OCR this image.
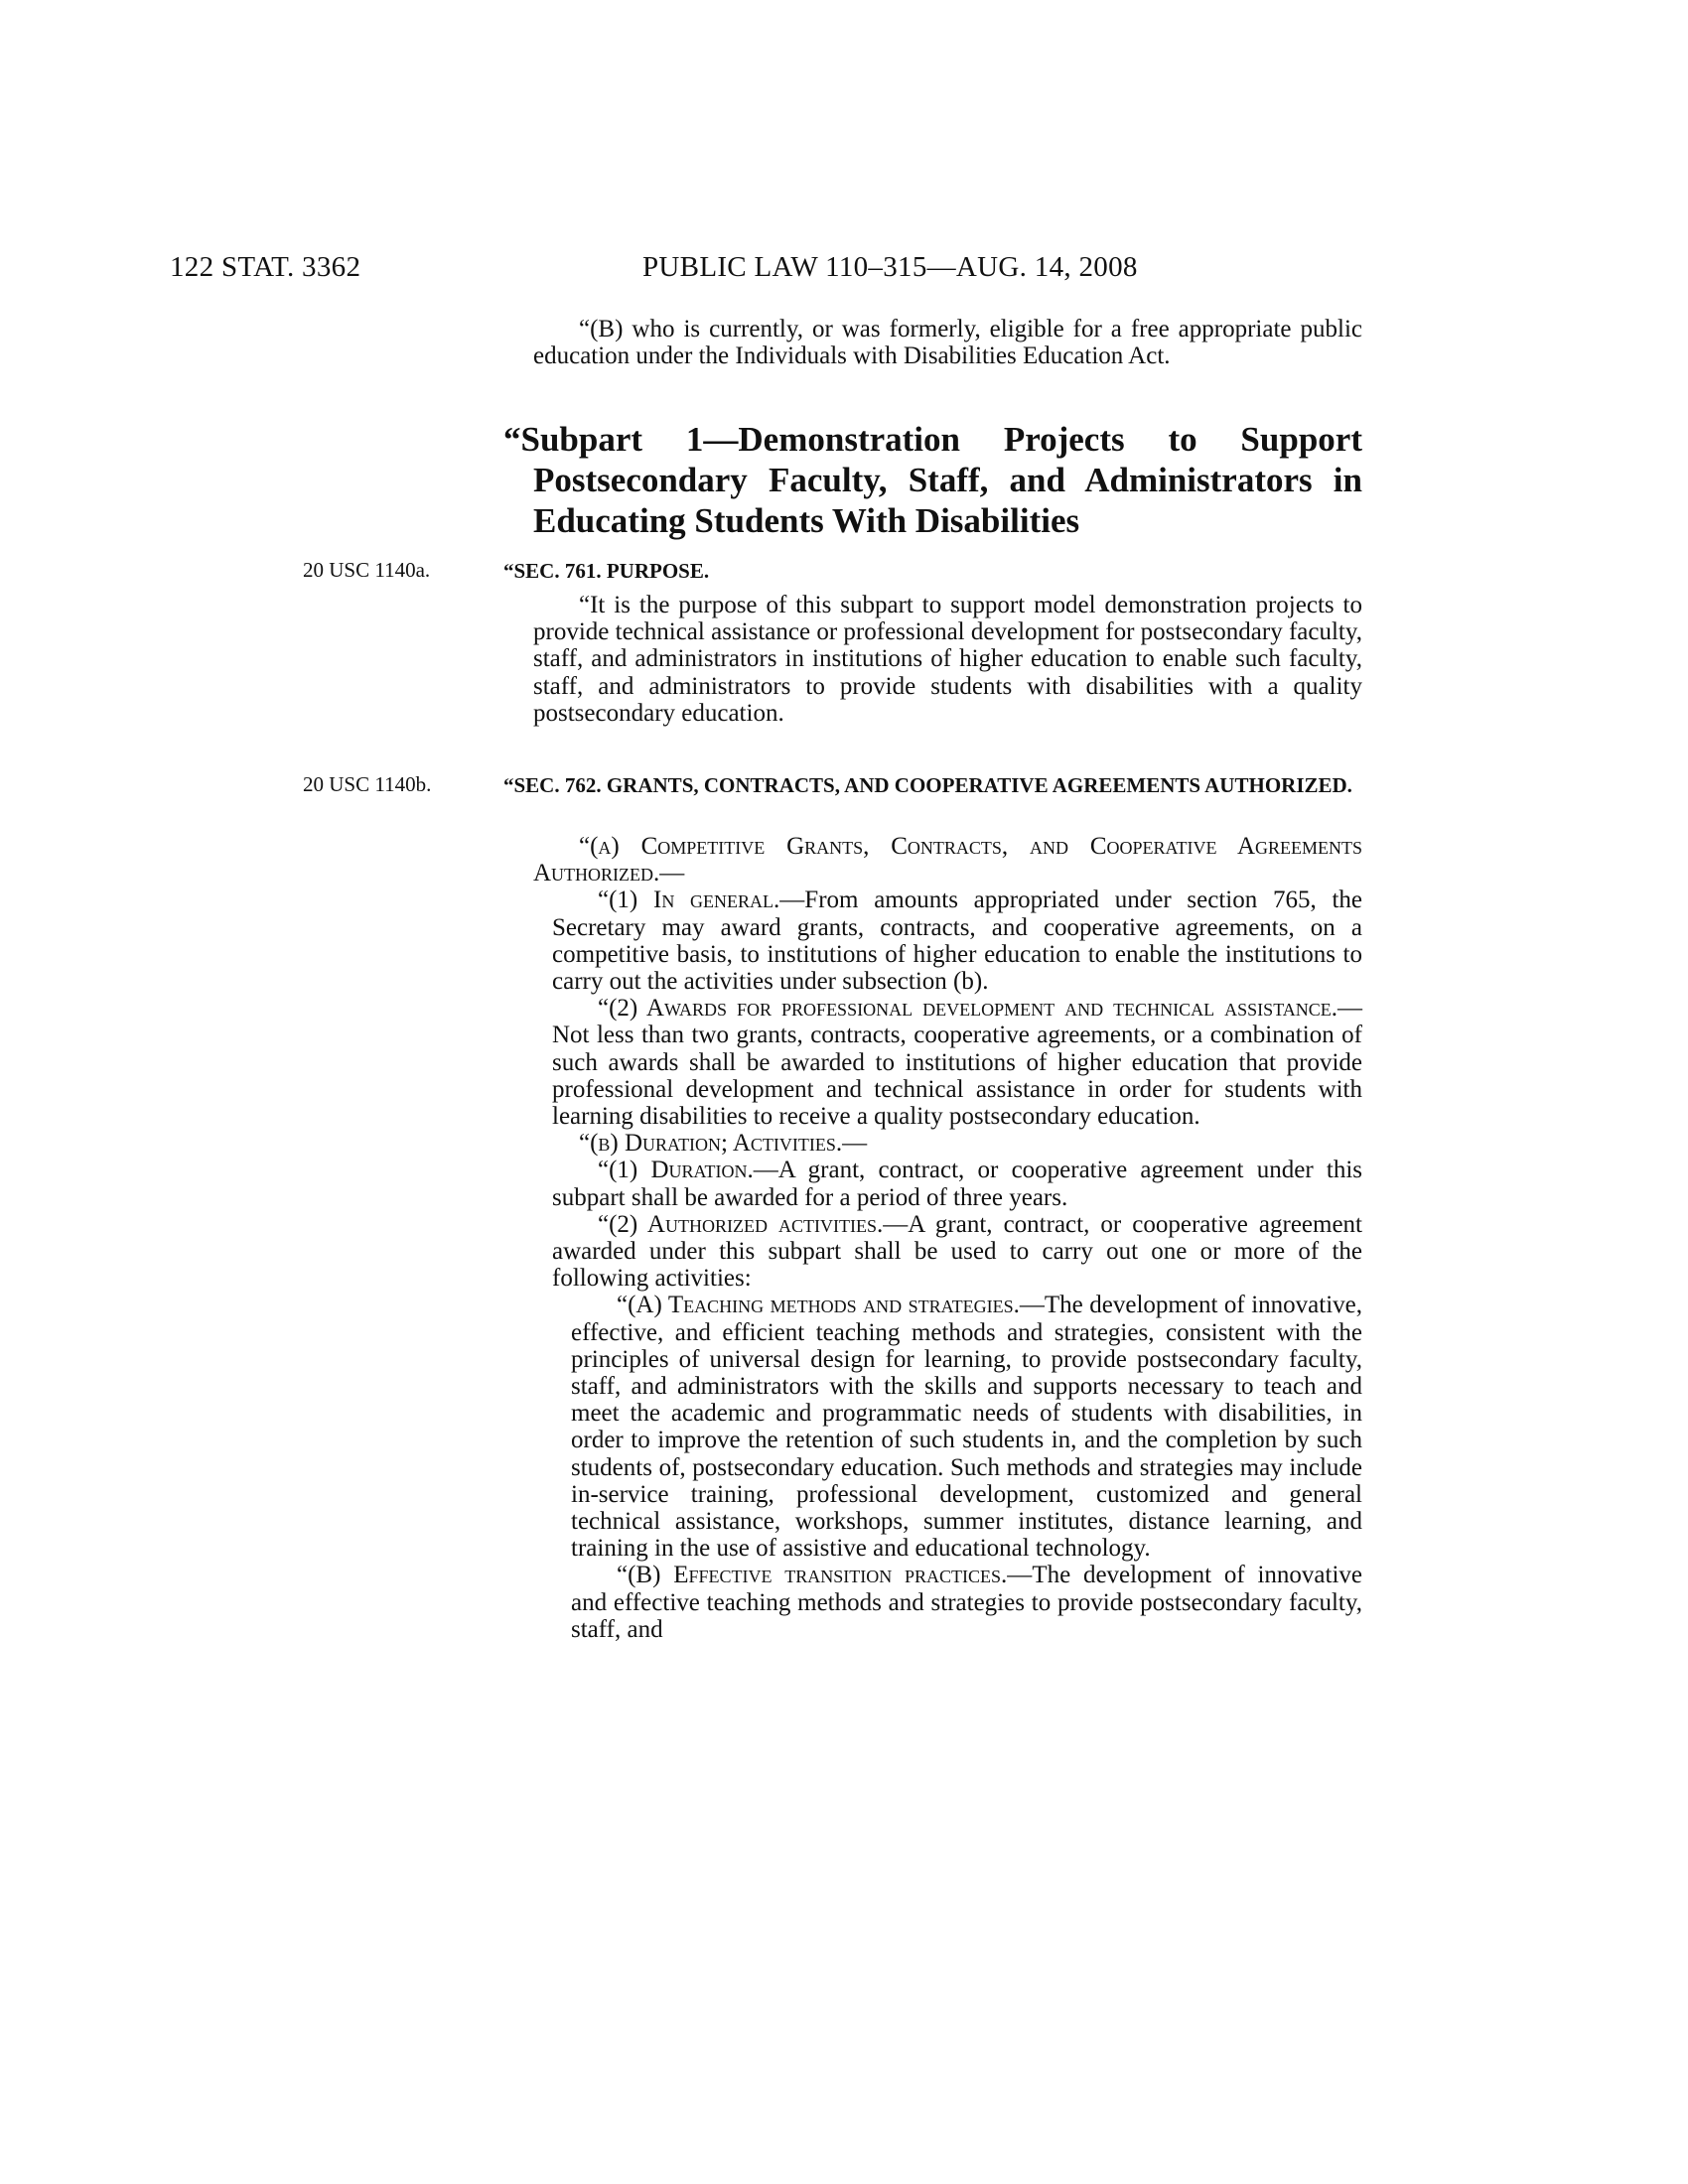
122 STAT. 3362	PUBLIC LAW 110–315—AUG. 14, 2008

“(B) who is currently, or was formerly, eligible for a free appropriate public education under the Individuals with Disabilities Education Act.

“Subpart 1—Demonstration Projects to Support Postsecondary Faculty, Staff, and Administrators in Educating Students With Disabilities
20 USC 1140a.	“SEC. 761. PURPOSE.

“It is the purpose of this subpart to support model demonstration projects to provide technical assistance or professional development for postsecondary faculty, staff, and administrators in institutions of higher education to enable such faculty, staff, and administrators to provide students with disabilities with a quality postsecondary education.

20 USC 1140b.	“SEC. 762. GRANTS, CONTRACTS, AND COOPERATIVE AGREEMENTS AUTHORIZED.

“(a) Competitive Grants, Contracts, and Cooperative Agreements Authorized.—

“(1) In general.—From amounts appropriated under section 765, the Secretary may award grants, contracts, and cooperative agreements, on a competitive basis, to institutions of higher education to enable the institutions to carry out the activities under subsection (b).

“(2) Awards for professional development and technical assistance.—Not less than two grants, contracts, cooperative agreements, or a combination of such awards shall be awarded to institutions of higher education that provide professional development and technical assistance in order for students with learning disabilities to receive a quality postsecondary education.

“(b) Duration; Activities.—

“(1) Duration.—A grant, contract, or cooperative agreement under this subpart shall be awarded for a period of three years.

“(2) Authorized activities.—A grant, contract, or cooperative agreement awarded under this subpart shall be used to carry out one or more of the following activities:

“(A) Teaching methods and strategies.—The development of innovative, effective, and efficient teaching methods and strategies, consistent with the principles of universal design for learning, to provide postsecondary faculty, staff, and administrators with the skills and supports necessary to teach and meet the academic and programmatic needs of students with disabilities, in order to improve the retention of such students in, and the completion by such students of, postsecondary education. Such methods and strategies may include in-service training, professional development, customized and general technical assistance, workshops, summer institutes, distance learning, and training in the use of assistive and educational technology.

“(B) Effective transition practices.—The development of innovative and effective teaching methods and strategies to provide postsecondary faculty, staff, and
